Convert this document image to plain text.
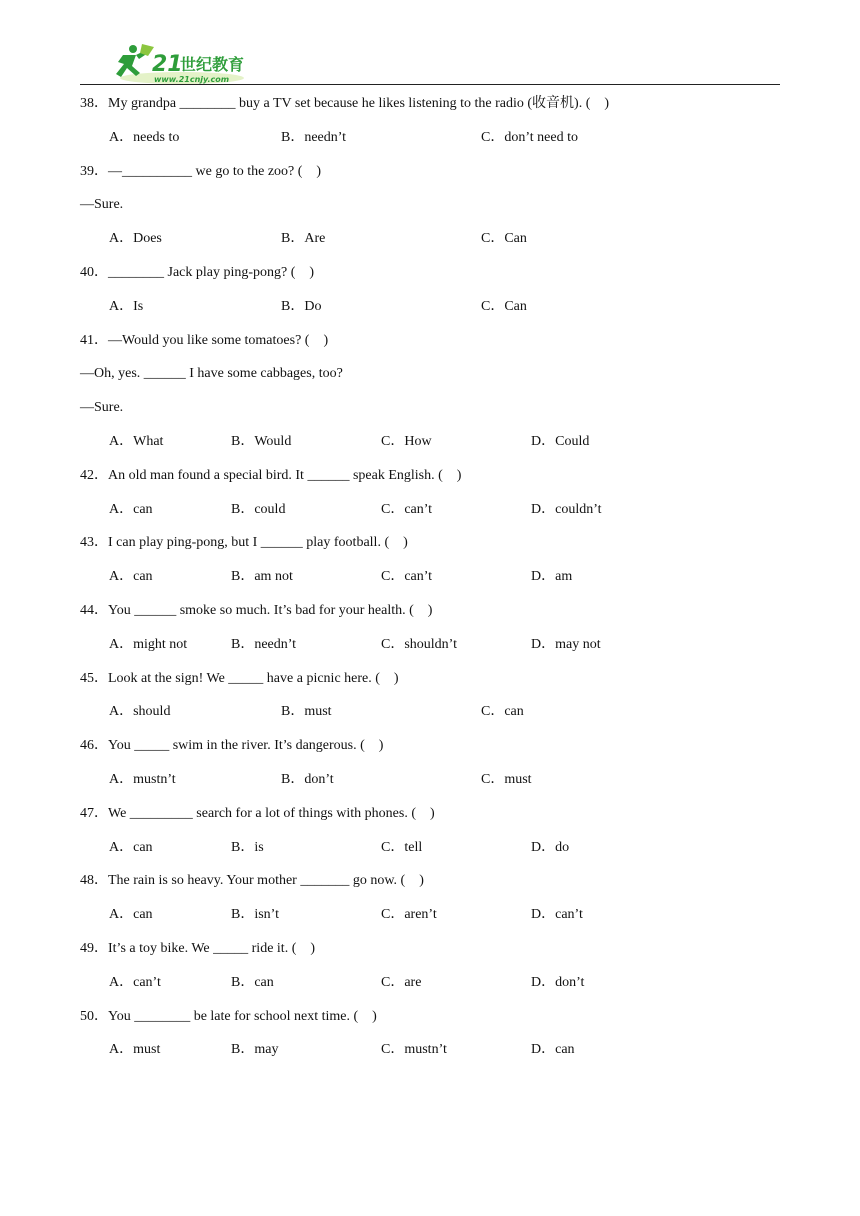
21
世纪教育
www.21cnjy.com
38．My grandpa ________ buy a TV set because he likes listening to the radio (收音机). (　)
A．needs to	B．needn’t	C．don’t need to
39．—__________ we go to the zoo? (　)
—Sure.
A．Does	B．Are	C．Can
40．________ Jack play ping-pong? (　)
A．Is	B．Do	C．Can
41．—Would you like some tomatoes? (　)
—Oh, yes. ______ I have some cabbages, too?
—Sure.
A．What	B．Would	C．How	D．Could
42．An old man found a special bird. It ______ speak English. (　)
A．can	B．could	C．can’t	D．couldn’t
43．I can play ping-pong, but I ______ play football. (　)
A．can	B．am not	C．can’t	D．am
44．You ______ smoke so much. It’s bad for your health. (　)
A．might not	B．needn’t	C．shouldn’t	D．may not
45．Look at the sign! We _____ have a picnic here. (　)
A．should	B．must	C．can
46．You _____ swim in the river. It’s dangerous. (　)
A．mustn’t	B．don’t	C．must
47．We _________ search for a lot of things with phones. (　)
A．can	B．is	C．tell	D．do
48．The rain is so heavy. Your mother _______ go now. (　)
A．can	B．isn’t	C．aren’t	D．can’t
49．It’s a toy bike. We _____ ride it. (　)
A．can’t	B．can	C．are	D．don’t
50．You ________ be late for school next time. (　)
A．must	B．may	C．mustn’t	D．can
